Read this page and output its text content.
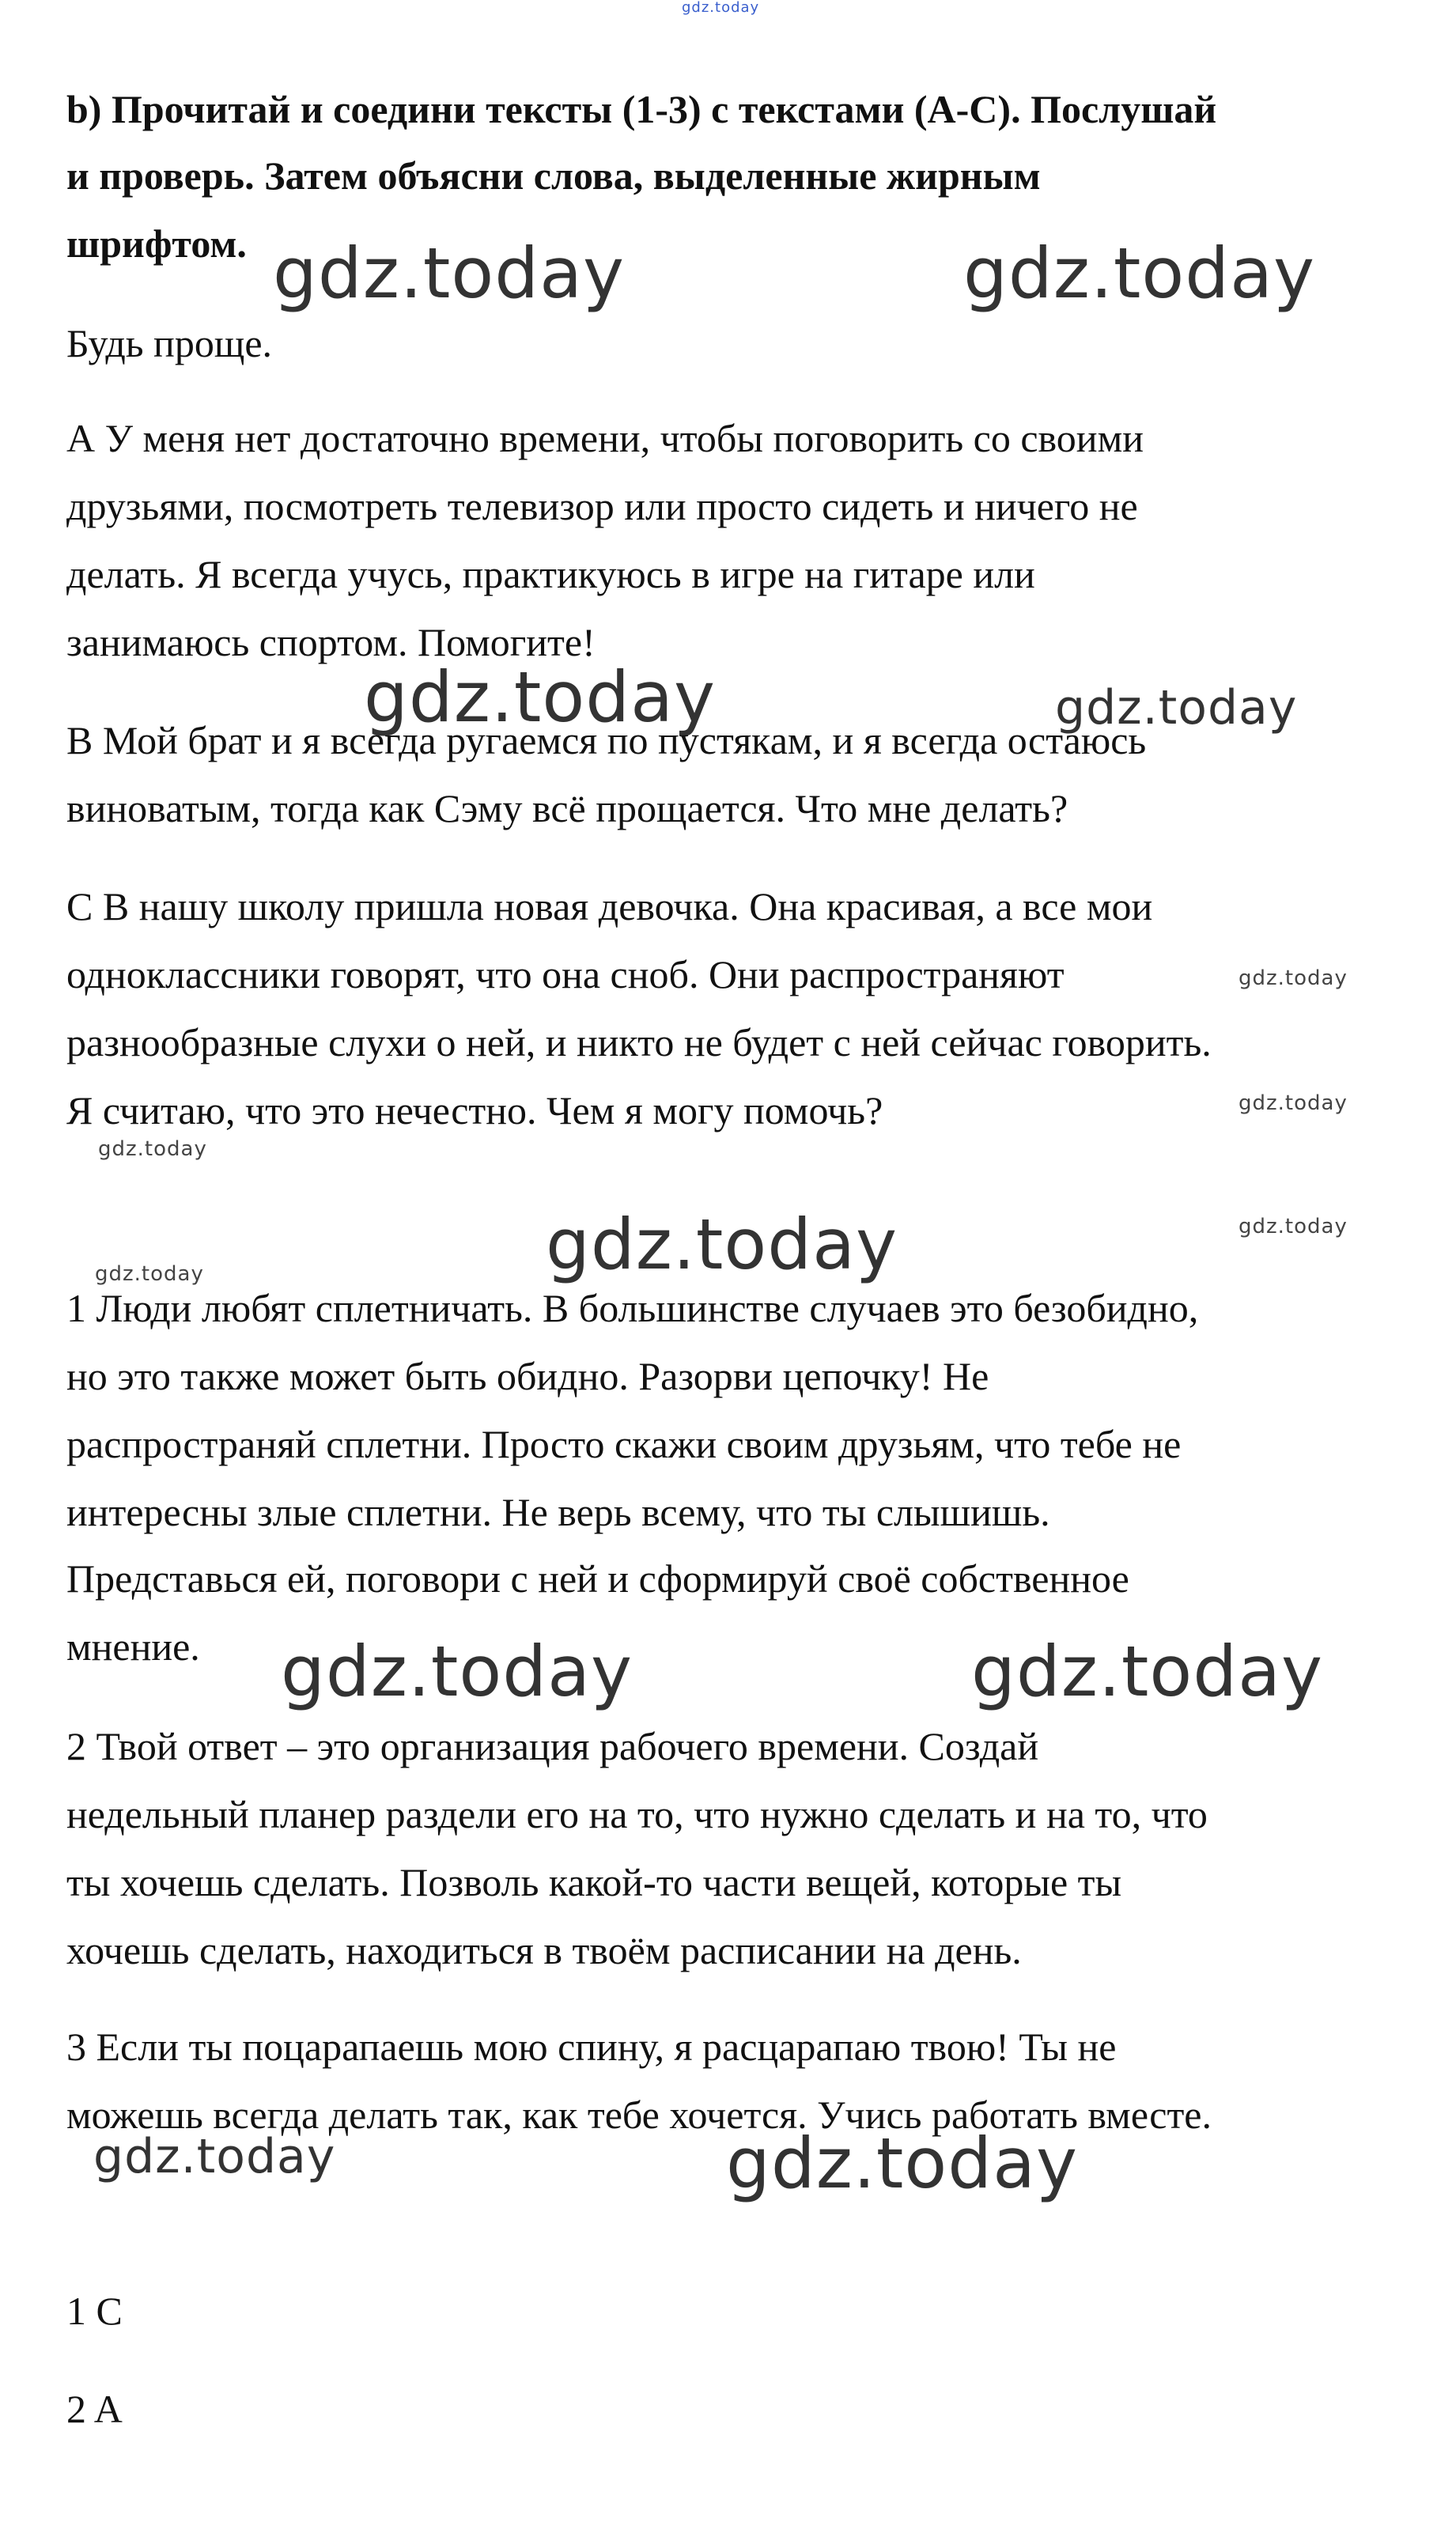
gdz.today

b) Прочитай и соедини тексты (1-3) с текстами (A-C). Послушай

и проверь. Затем объясни слова, выделенные жирным

шрифтом. gdz.today	gdz.today

Будь проще.

А У меня нет достаточно времени, чтобы поговорить со своими

друзьями, посмотреть телевизор или просто сидеть и ничего не

делать. Я всегда учусь, практикуюсь в игре на гитаре или

занимаюсь спортом. Помогите!

gdz.today	gdz.today

В Мой брат и я всегда ругаемся по пустякам, и я всегда остаюсь

виноватым, тогда как Сэму всё прощается. Что мне делать?

С В нашу школу пришла новая девочка. Она красивая, а все мои

одноклассники говорят, что она сноб. Они распространяют	gdz.today

разнообразные слухи о ней, и никто не будет с ней сейчас говорить.

Я считаю, что это нечестно. Чем я могу помочь?	gdz.today
gdz.today
gdz.today	gdz.today
gdz.today

1 Люди любят сплетничать. В большинстве случаев это безобидно,

но это также может быть обидно. Разорви цепочку! Не

распространяй сплетни. Просто скажи своим друзьям, что тебе не

интересны злые сплетни. Не верь всему, что ты слышишь.

Представься ей, поговори с ней и сформируй своё собственное

мнение. gdz.today	gdz.today

2 Твой ответ – это организация рабочего времени. Создай

недельный планер раздели его на то, что нужно сделать и на то, что

ты хочешь сделать. Позволь какой-то части вещей, которые ты

хочешь сделать, находиться в твоём расписании на день.

3 Если ты поцарапаешь мою спину, я расцарапаю твою! Ты не

можешь всегда делать так, как тебе хочется. Учись работать вместе.

gdz.today	gdz.today

1 C

2 A
